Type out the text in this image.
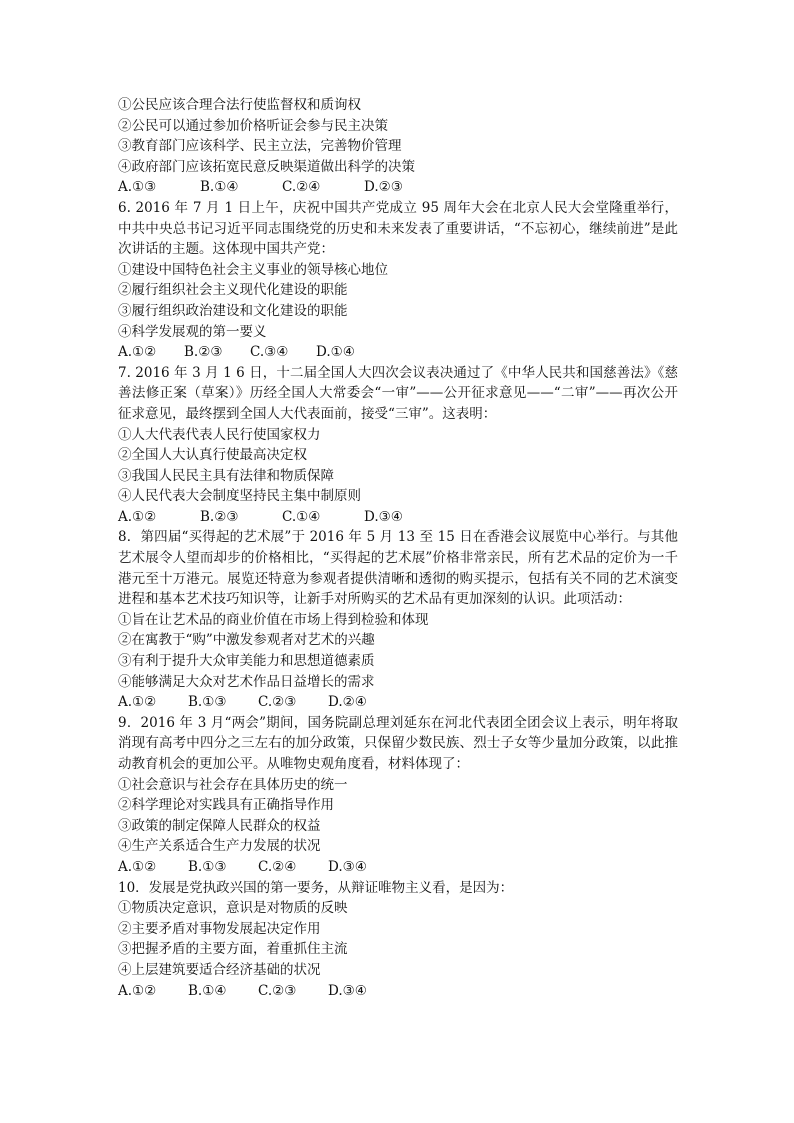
①公民应该合理合法行使监督权和质询权
②公民可以通过参加价格听证会参与民主决策
③教育部门应该科学、民主立法，完善物价管理
④政府部门应该拓宽民意反映渠道做出科学的决策
A.①③	B.①④	C.②④	D.②③
6. 2016 年 7 月 1 日上午，庆祝中国共产党成立 95 周年大会在北京人民大会堂隆重举行，中共中央总书记习近平同志围绕党的历史和未来发表了重要讲话，“不忘初心，继续前进”是此次讲话的主题。这体现中国共产党：
①建设中国特色社会主义事业的领导核心地位
②履行组织社会主义现代化建设的职能
③履行组织政治建设和文化建设的职能
④科学发展观的第一要义
A.①②	B.②③	C.③④	D.①④
7. 2016 年 3 月 1 6 日，十二届全国人大四次会议表决通过了《中华人民共和国慈善法》《慈善法修正案（草案）》历经全国人大常委会“一审”——公开征求意见——“二审”——再次公开征求意见，最终摆到全国人大代表面前，接受“三审”。这表明：
①人大代表代表人民行使国家权力
②全国人大认真行使最高决定权
③我国人民民主具有法律和物质保障
④人民代表大会制度坚持民主集中制原则
A.①②	B.②③	C.①④	D.③④
8．第四届“买得起的艺术展”于 2016 年 5 月 13 至 15 日在香港会议展览中心举行。与其他艺术展令人望而却步的价格相比，“买得起的艺术展”价格非常亲民，所有艺术品的定价为一千港元至十万港元。展览还特意为参观者提供清晰和透彻的购买提示，包括有关不同的艺术演变进程和基本艺术技巧知识等，让新手对所购买的艺术品有更加深刻的认识。此项活动：
①旨在让艺术品的商业价值在市场上得到检验和体现
②在寓教于“购”中激发参观者对艺术的兴趣
③有利于提升大众审美能力和思想道德素质
④能够满足大众对艺术作品日益增长的需求
A.①②	B.①③	C.②③	D.②④
9．2016 年 3 月“两会”期间，国务院副总理刘延东在河北代表团全团会议上表示，明年将取消现有高考中四分之三左右的加分政策，只保留少数民族、烈士子女等少量加分政策，以此推动教育机会的更加公平。从唯物史观角度看，材料体现了：
①社会意识与社会存在具体历史的统一
②科学理论对实践具有正确指导作用
③政策的制定保障人民群众的权益
④生产关系适合生产力发展的状况
A.①②	B.①③	C.②④	D.③④
10．发展是党执政兴国的第一要务，从辩证唯物主义看，是因为：
①物质决定意识，意识是对物质的反映
②主要矛盾对事物发展起决定作用
③把握矛盾的主要方面，着重抓住主流
④上层建筑要适合经济基础的状况
A.①②	B.①④	C.②③	D.③④
